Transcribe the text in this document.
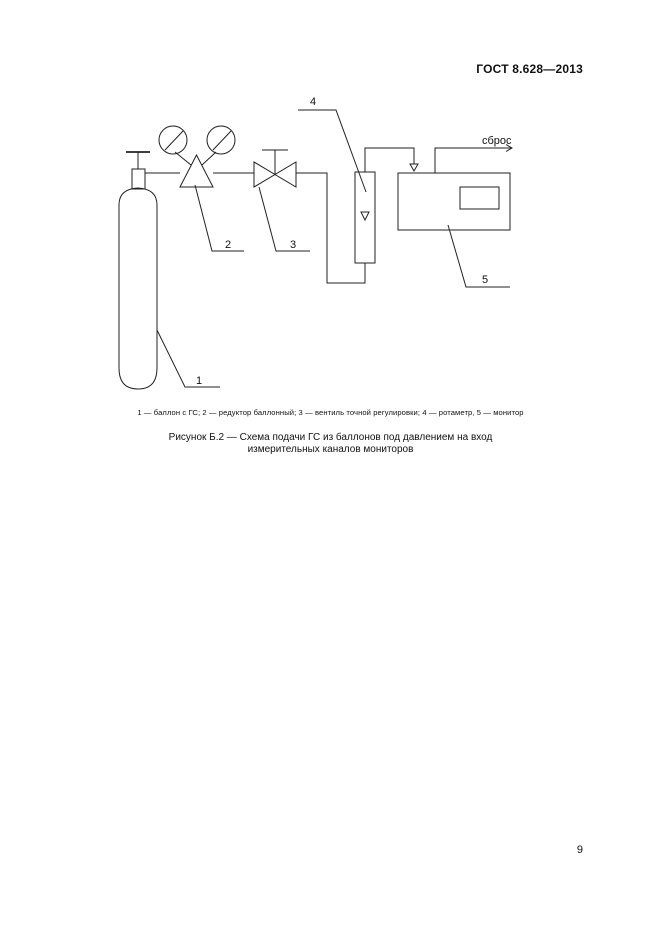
ГОСТ 8.628—2013
1
2	3
4
5
сброс
1 — баллон с ГС; 2 — редуктор баллонный; 3 — вентиль точной регулировки; 4 — ротаметр, 5 — монитор
Рисунок Б.2 — Схема подачи ГС из баллонов под давлением на вход
измерительных каналов мониторов
9
